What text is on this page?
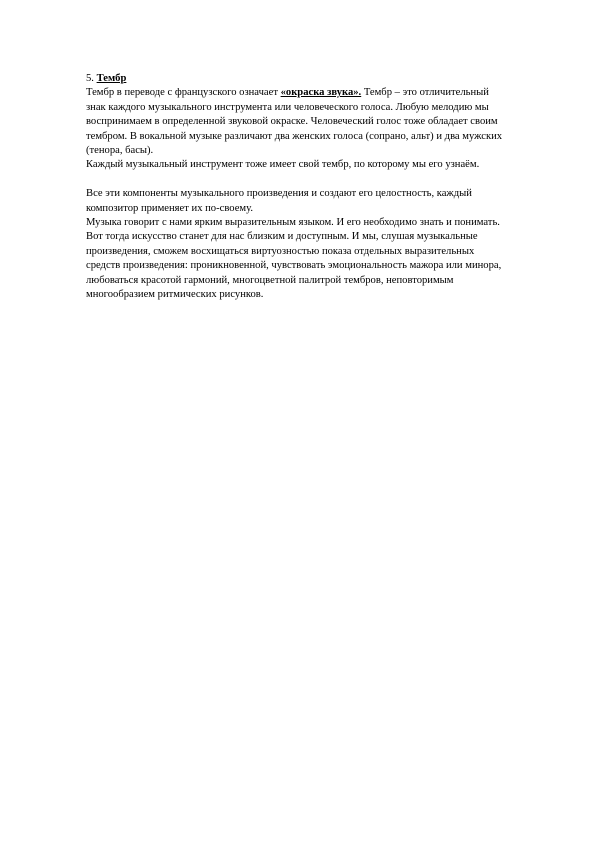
5. Тембр
Тембр в переводе с французского означает «окраска звука». Тембр – это отличительный
знак каждого музыкального инструмента или человеческого голоса. Любую мелодию мы
воспринимаем в определенной звуковой окраске. Человеческий голос тоже обладает своим
тембром. В вокальной музыке различают два женских голоса (сопрано, альт) и два мужских
(тенора, басы).
Каждый музыкальный инструмент тоже имеет свой тембр, по которому мы его узнаём.
Все эти компоненты музыкального произведения и создают его целостность, каждый
композитор применяет их по-своему.
Музыка говорит с нами ярким выразительным языком. И его необходимо знать и понимать.
Вот тогда искусство станет для нас близким и доступным. И мы, слушая музыкальные
произведения, сможем восхищаться виртуозностью показа отдельных выразительных
средств произведения: проникновенной, чувствовать эмоциональность мажора или минора,
любоваться красотой гармоний, многоцветной палитрой тембров, неповторимым
многообразием ритмических рисунков.
